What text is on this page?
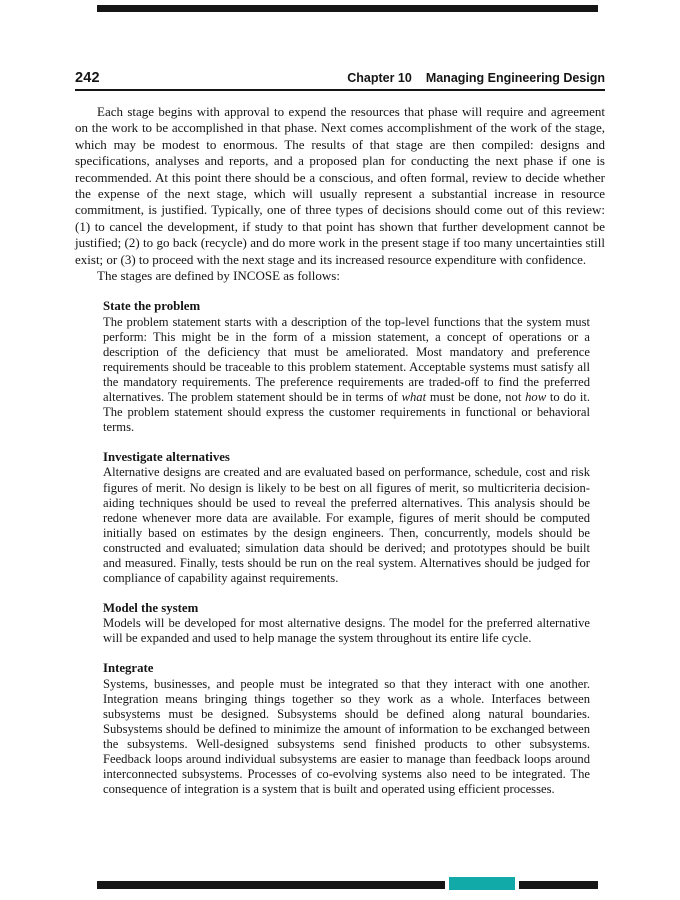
242	Chapter 10 Managing Engineering Design

Each stage begins with approval to expend the resources that phase will require and agreement on the work to be accomplished in that phase. Next comes accomplishment of the work of the stage, which may be modest to enormous. The results of that stage are then compiled: designs and specifications, analyses and reports, and a proposed plan for conducting the next phase if one is recommended. At this point there should be a conscious, and often formal, review to decide whether the expense of the next stage, which will usually represent a substantial increase in resource commitment, is justified. Typically, one of three types of decisions should come out of this review: (1) to cancel the development, if study to that point has shown that further development cannot be justified; (2) to go back (recycle) and do more work in the present stage if too many uncertainties still exist; or (3) to proceed with the next stage and its increased resource expenditure with confidence.

The stages are defined by INCOSE as follows:

State the problem

The problem statement starts with a description of the top-level functions that the system must perform: This might be in the form of a mission statement, a concept of operations or a description of the deficiency that must be ameliorated. Most mandatory and preference requirements should be traceable to this problem statement. Acceptable systems must satisfy all the mandatory requirements. The preference requirements are traded-off to find the preferred alternatives. The problem statement should be in terms of what must be done, not how to do it. The problem statement should express the customer requirements in functional or behavioral terms.

Investigate alternatives

Alternative designs are created and are evaluated based on performance, schedule, cost and risk figures of merit. No design is likely to be best on all figures of merit, so multicriteria decision-aiding techniques should be used to reveal the preferred alternatives. This analysis should be redone whenever more data are available. For example, figures of merit should be computed initially based on estimates by the design engineers. Then, concurrently, models should be constructed and evaluated; simulation data should be derived; and prototypes should be built and measured. Finally, tests should be run on the real system. Alternatives should be judged for compliance of capability against requirements.

Model the system

Models will be developed for most alternative designs. The model for the preferred alternative will be expanded and used to help manage the system throughout its entire life cycle.

Integrate

Systems, businesses, and people must be integrated so that they interact with one another. Integration means bringing things together so they work as a whole. Interfaces between subsystems must be designed. Subsystems should be defined along natural boundaries. Subsystems should be defined to minimize the amount of information to be exchanged between the subsystems. Well-designed subsystems send finished products to other subsystems. Feedback loops around individual subsystems are easier to manage than feedback loops around interconnected subsystems. Processes of co-evolving systems also need to be integrated. The consequence of integration is a system that is built and operated using efficient processes.
